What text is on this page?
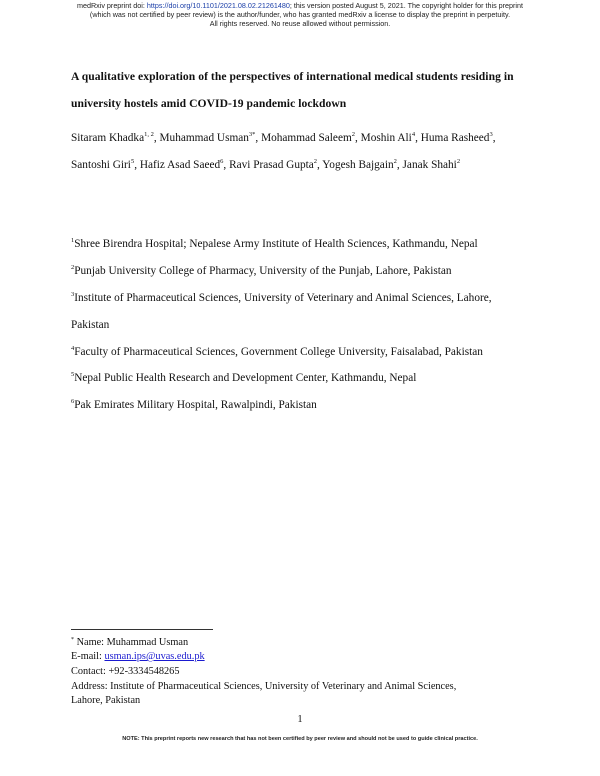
medRxiv preprint doi: https://doi.org/10.1101/2021.08.02.21261480; this version posted August 5, 2021. The copyright holder for this preprint
(which was not certified by peer review) is the author/funder, who has granted medRxiv a license to display the preprint in perpetuity.
All rights reserved. No reuse allowed without permission.
A qualitative exploration of the perspectives of international medical students residing in
university hostels amid COVID-19 pandemic lockdown
Sitaram Khadka$^{1, 2}$, Muhammad Usman$^{3*}$, Mohammad Saleem$^2$, Moshin Ali$^4$, Huma Rasheed$^3$,
Santoshi Giri$^5$, Hafiz Asad Saeed$^6$, Ravi Prasad Gupta$^2$, Yogesh Bajgain$^2$, Janak Shahi$^2$
$^1$Shree Birendra Hospital; Nepalese Army Institute of Health Sciences, Kathmandu, Nepal
$^2$Punjab University College of Pharmacy, University of the Punjab, Lahore, Pakistan
$^3$Institute of Pharmaceutical Sciences, University of Veterinary and Animal Sciences, Lahore,
Pakistan
$^4$Faculty of Pharmaceutical Sciences, Government College University, Faisalabad, Pakistan
$^5$Nepal Public Health Research and Development Center, Kathmandu, Nepal
$^6$Pak Emirates Military Hospital, Rawalpindi, Pakistan
* Name: Muhammad Usman
E-mail: usman.ips@uvas.edu.pk
Contact: +92-3334548265
Address: Institute of Pharmaceutical Sciences, University of Veterinary and Animal Sciences,
Lahore, Pakistan
1
NOTE: This preprint reports new research that has not been certified by peer review and should not be used to guide clinical practice.
